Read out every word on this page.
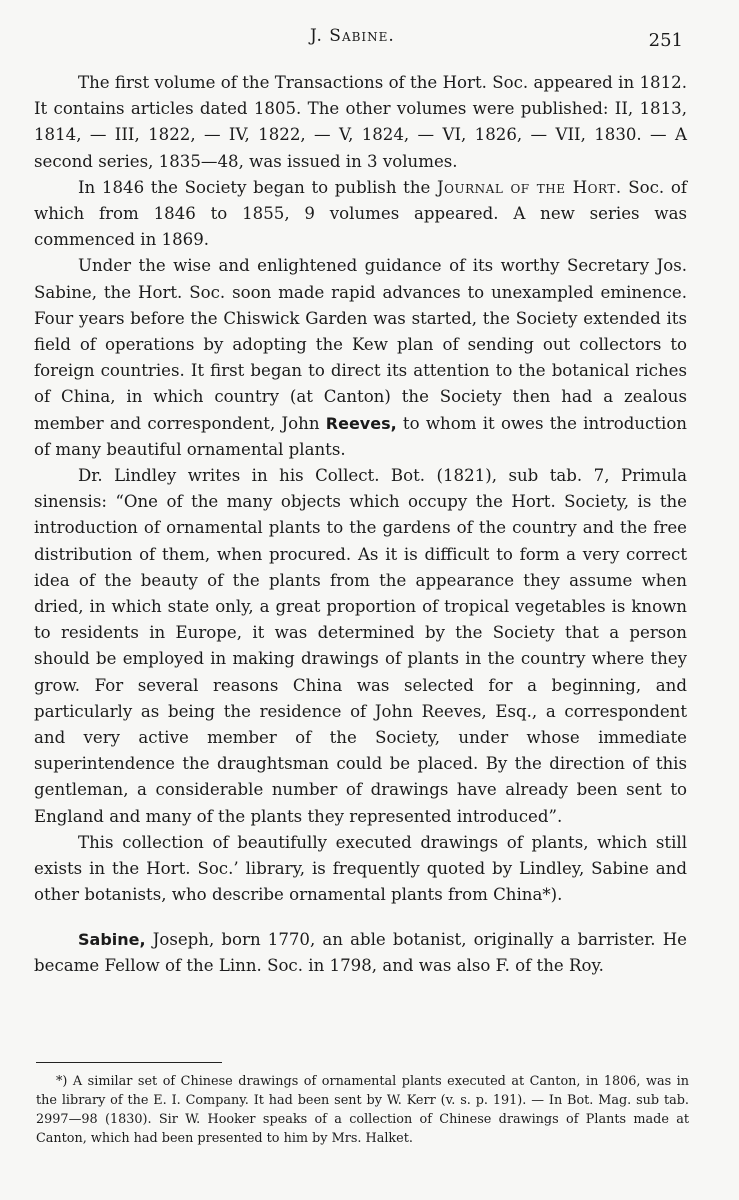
J. Sabine.	251

The first volume of the Transactions of the Hort. Soc. appeared in 1812. It contains articles dated 1805. The other volumes were published: II, 1813, 1814, — III, 1822, — IV, 1822, — V, 1824, — VI, 1826, — VII, 1830. — A second series, 1835—48, was issued in 3 volumes.

In 1846 the Society began to publish the Journal of the Hort. Soc. of which from 1846 to 1855, 9 volumes appeared. A new series was commenced in 1869.

Under the wise and enlightened guidance of its worthy Secretary Jos. Sabine, the Hort. Soc. soon made rapid advances to unexampled eminence. Four years before the Chiswick Garden was started, the Society extended its field of operations by adopting the Kew plan of sending out collectors to foreign countries. It first began to direct its attention to the botanical riches of China, in which country (at Canton) the Society then had a zealous member and correspondent, John Reeves, to whom it owes the introduction of many beautiful ornamental plants.

Dr. Lindley writes in his Collect. Bot. (1821), sub tab. 7, Primula sinensis: “One of the many objects which occupy the Hort. Society, is the introduction of ornamental plants to the gardens of the country and the free distribution of them, when procured. As it is difficult to form a very correct idea of the beauty of the plants from the appearance they assume when dried, in which state only, a great proportion of tropical vegetables is known to residents in Europe, it was determined by the Society that a person should be employed in making drawings of plants in the country where they grow. For several reasons China was selected for a beginning, and particularly as being the residence of John Reeves, Esq., a correspondent and very active member of the Society, under whose immediate superintendence the draughtsman could be placed. By the direction of this gentleman, a considerable number of drawings have already been sent to England and many of the plants they represented introduced”.

This collection of beautifully executed drawings of plants, which still exists in the Hort. Soc.’ library, is frequently quoted by Lindley, Sabine and other botanists, who describe ornamental plants from China*).

Sabine, Joseph, born 1770, an able botanist, originally a barrister. He became Fellow of the Linn. Soc. in 1798, and was also F. of the Roy.

*) A similar set of Chinese drawings of ornamental plants executed at Canton, in 1806, was in the library of the E. I. Company. It had been sent by W. Kerr (v. s. p. 191). — In Bot. Mag. sub tab. 2997—98 (1830). Sir W. Hooker speaks of a collection of Chinese drawings of Plants made at Canton, which had been presented to him by Mrs. Halket.
